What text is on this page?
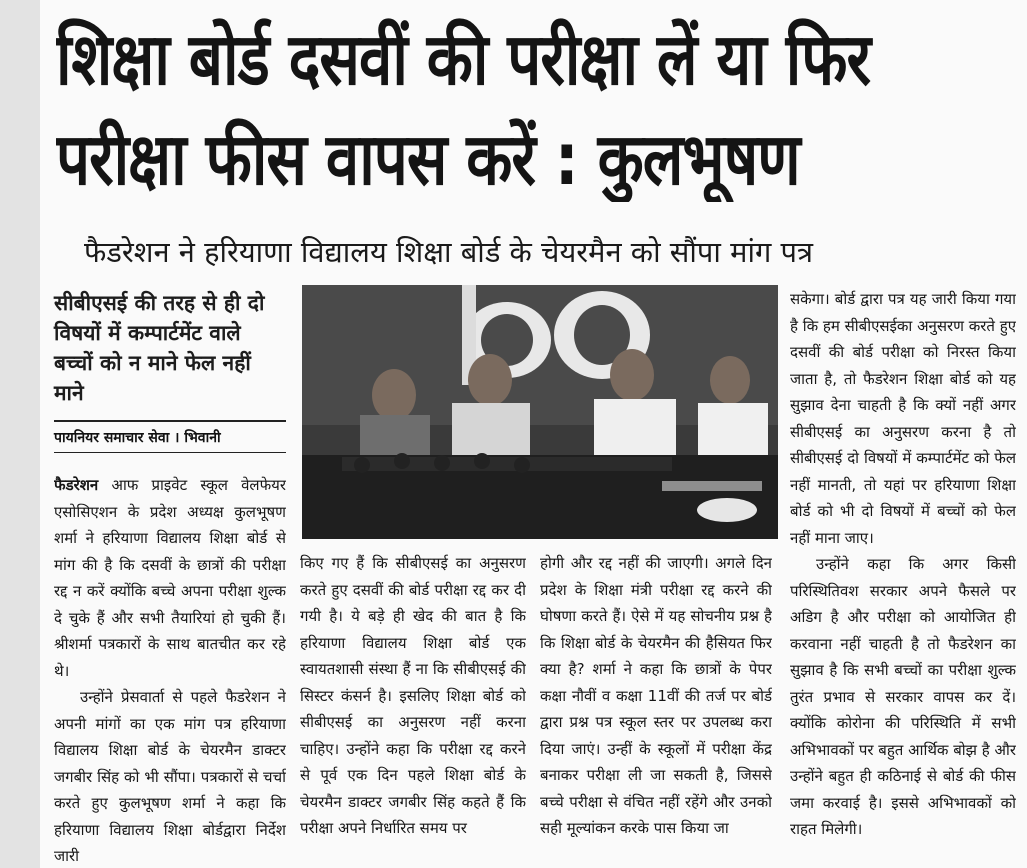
शिक्षा बोर्ड दसवीं की परीक्षा लें या फिर
परीक्षा फीस वापस करें : कुलभूषण
फैडरेशन ने हरियाणा विद्यालय शिक्षा बोर्ड के चेयरमैन को सौंपा मांग पत्र
सीबीएसई की तरह से ही दो विषयों में कम्पार्टमेंट वाले बच्चों को न माने फेल नहीं माने
पायनियर समाचार सेवा । भिवानी

फैडरेशन आफ प्राइवेट स्कूल वेलफेयर एसोसिएशन के प्रदेश अध्यक्ष कुलभूषण शर्मा ने हरियाणा विद्यालय शिक्षा बोर्ड से मांग की है कि दसवीं के छात्रों की परीक्षा रद्द न करें क्योंकि बच्चे अपना परीक्षा शुल्क दे चुके हैं और सभी तैयारियां हो चुकी हैं। श्रीशर्मा पत्रकारों के साथ बातचीत कर रहे थे।

उन्होंने प्रेसवार्ता से पहले फैडरेशन ने अपनी मांगों का एक मांग पत्र हरियाणा विद्यालय शिक्षा बोर्ड के चेयरमैन डाक्टर जगबीर सिंह को भी सौंपा। पत्रकारों से चर्चा करते हुए कुलभूषण शर्मा ने कहा कि हरियाणा विद्यालय शिक्षा बोर्डद्वारा निर्देश जारी

किए गए हैं कि सीबीएसई का अनुसरण करते हुए दसवीं की बोर्ड परीक्षा रद्द कर दी गयी है। ये बड़े ही खेद की बात है कि हरियाणा विद्यालय शिक्षा बोर्ड एक स्वायतशासी संस्था हैं ना कि सीबीएसई की सिस्टर कंसर्न है। इसलिए शिक्षा बोर्ड को सीबीएसई का अनुसरण नहीं करना चाहिए। उन्होंने कहा कि परीक्षा रद्द करने से पूर्व एक दिन पहले शिक्षा बोर्ड के चेयरमैन डाक्टर जगबीर सिंह कहते हैं कि परीक्षा अपने निर्धारित समय पर

होगी और रद्द नहीं की जाएगी। अगले दिन प्रदेश के शिक्षा मंत्री परीक्षा रद्द करने की घोषणा करते हैं। ऐसे में यह सोचनीय प्रश्न है कि शिक्षा बोर्ड के चेयरमैन की हैसियत फिर क्या है? शर्मा ने कहा कि छात्रों के पेपर कक्षा नौवीं व कक्षा 11वीं की तर्ज पर बोर्ड द्वारा प्रश्न पत्र स्कूल स्तर पर उपलब्ध करा दिया जाएं। उन्हीं के स्कूलों में परीक्षा केंद्र बनाकर परीक्षा ली जा सकती है, जिससे बच्चे परीक्षा से वंचित नहीं रहेंगे और उनको सही मूल्यांकन करके पास किया जा

सकेगा। बोर्ड द्वारा पत्र यह जारी किया गया है कि हम सीबीएसईका अनुसरण करते हुए दसवीं की बोर्ड परीक्षा को निरस्त किया जाता है, तो फैडरेशन शिक्षा बोर्ड को यह सुझाव देना चाहती है कि क्यों नहीं अगर सीबीएसई का अनुसरण करना है तो सीबीएसई दो विषयों में कम्पार्टमेंट को फेल नहीं मानती, तो यहां पर हरियाणा शिक्षा बोर्ड को भी दो विषयों में बच्चों को फेल नहीं माना जाए।

उन्होंने कहा कि अगर किसी परिस्थितिवश सरकार अपने फैसले पर अडिग है और परीक्षा को आयोजित ही करवाना नहीं चाहती है तो फैडरेशन का सुझाव है कि सभी बच्चों का परीक्षा शुल्क तुरंत प्रभाव से सरकार वापस कर दें। क्योंकि कोरोना की परिस्थिति में सभी अभिभावकों पर बहुत आर्थिक बोझ है और उन्होंने बहुत ही कठिनाई से बोर्ड की फीस जमा करवाई है। इससे अभिभावकों को राहत मिलेगी।
